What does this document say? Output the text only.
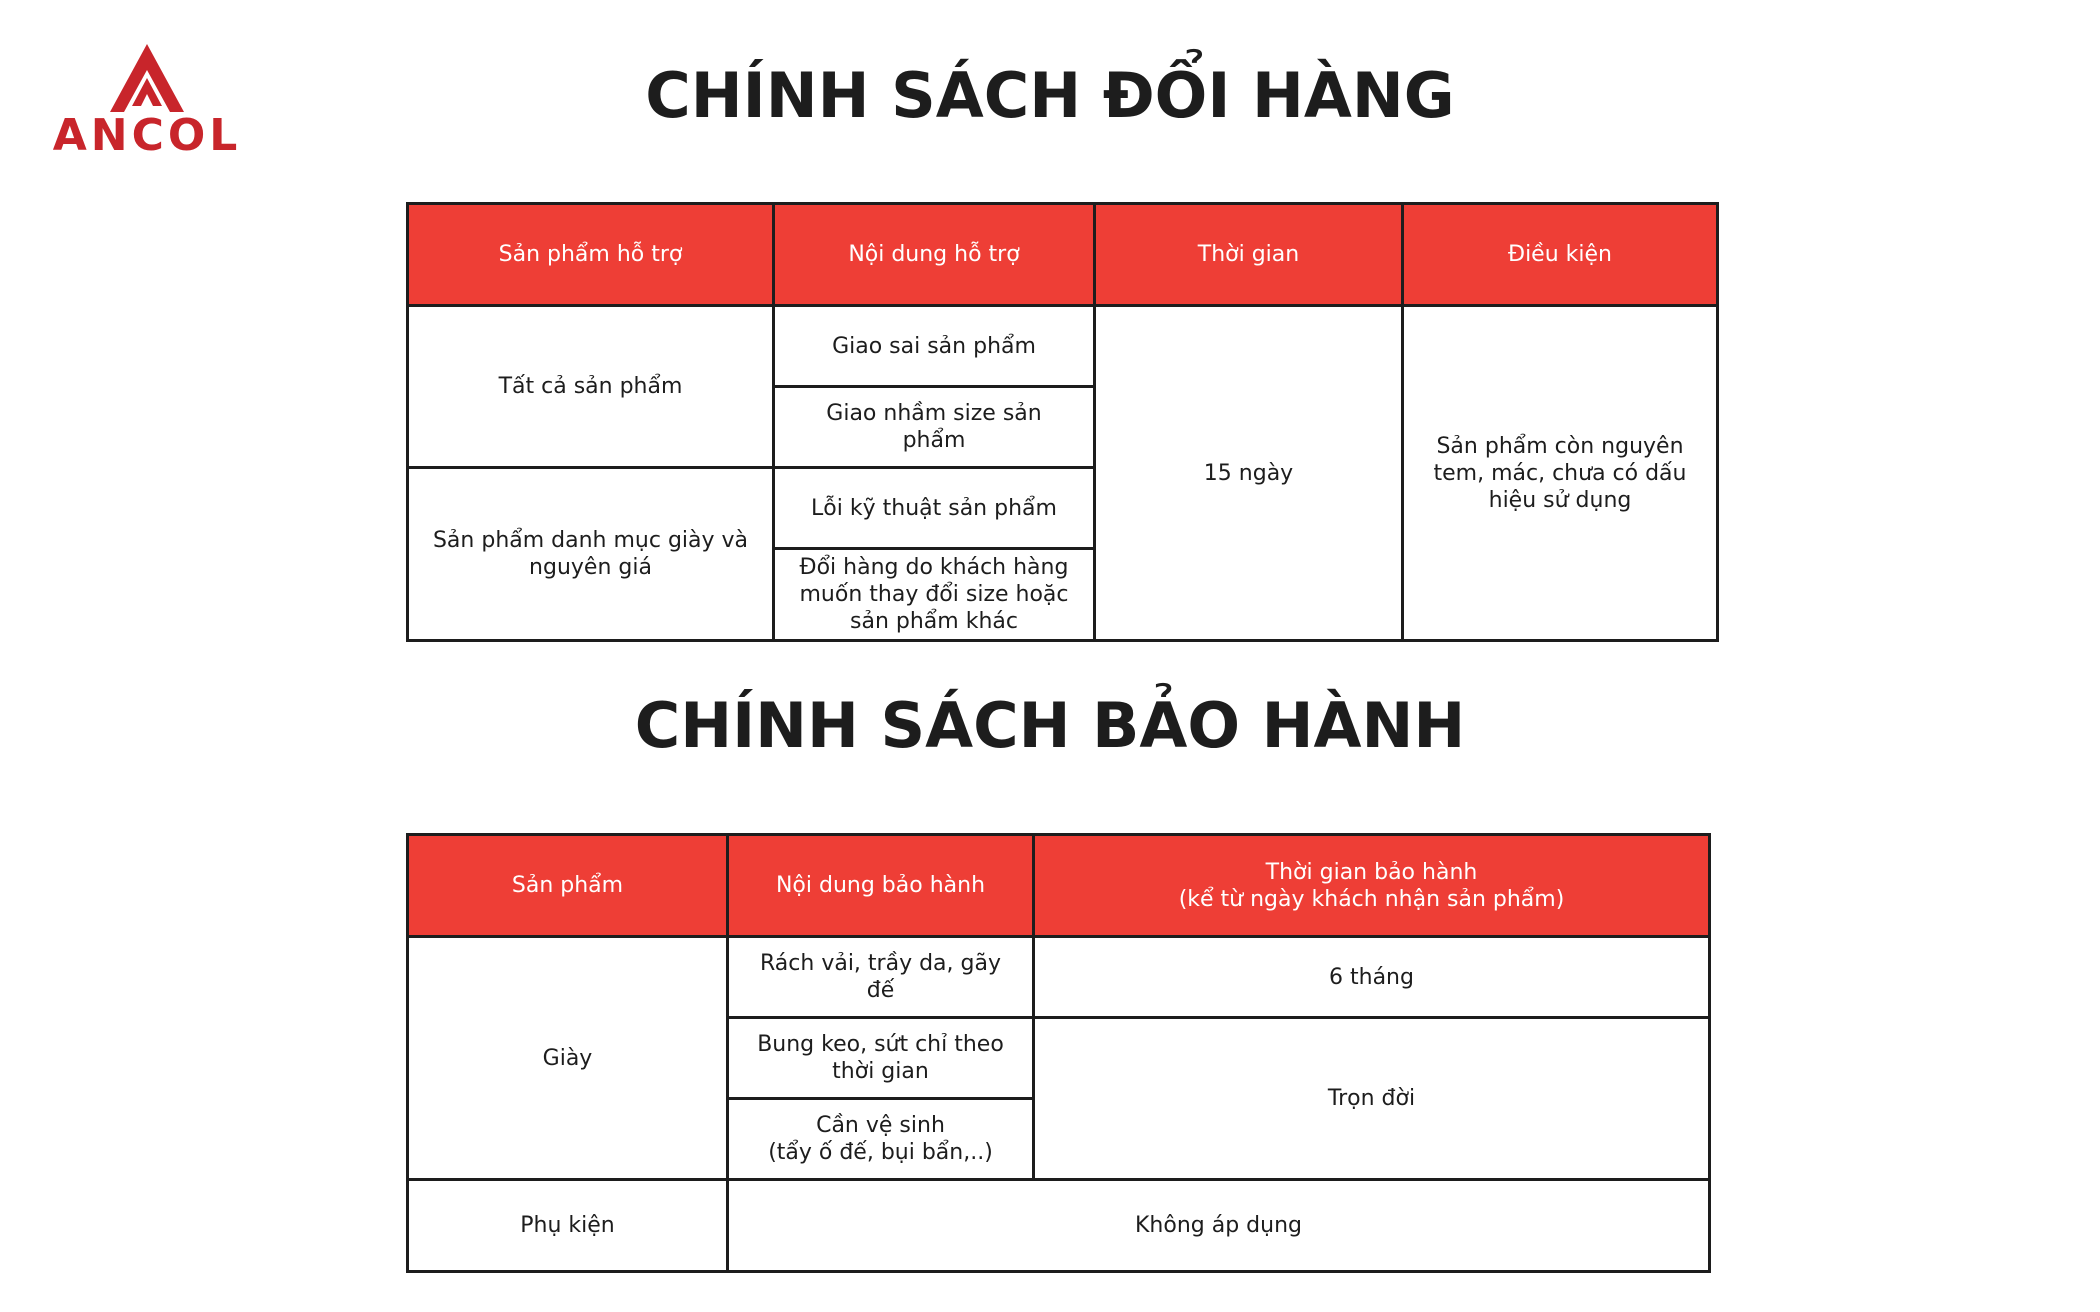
ANCOL
CHÍNH SÁCH ĐỔI HÀNG
Sản phẩm hỗ trợ	Nội dung hỗ trợ	Thời gian	Điều kiện
Tất cả sản phẩm	Giao sai sản phẩm	15 ngày	Sản phẩm còn nguyên tem, mác, chưa có dấu hiệu sử dụng
	Giao nhầm size sản phẩm		
Sản phẩm danh mục giày và nguyên giá	Lỗi kỹ thuật sản phẩm		
	Đổi hàng do khách hàng muốn thay đổi size hoặc sản phẩm khác		
CHÍNH SÁCH BẢO HÀNH
Sản phẩm	Nội dung bảo hành	Thời gian bảo hành
(kể từ ngày khách nhận sản phẩm)
Giày	Rách vải, trầy da, gãy đế	6 tháng
	Bung keo, sứt chỉ theo thời gian	Trọn đời
	Cần vệ sinh
(tẩy ố đế, bụi bẩn,..)	
Phụ kiện	Không áp dụng	
